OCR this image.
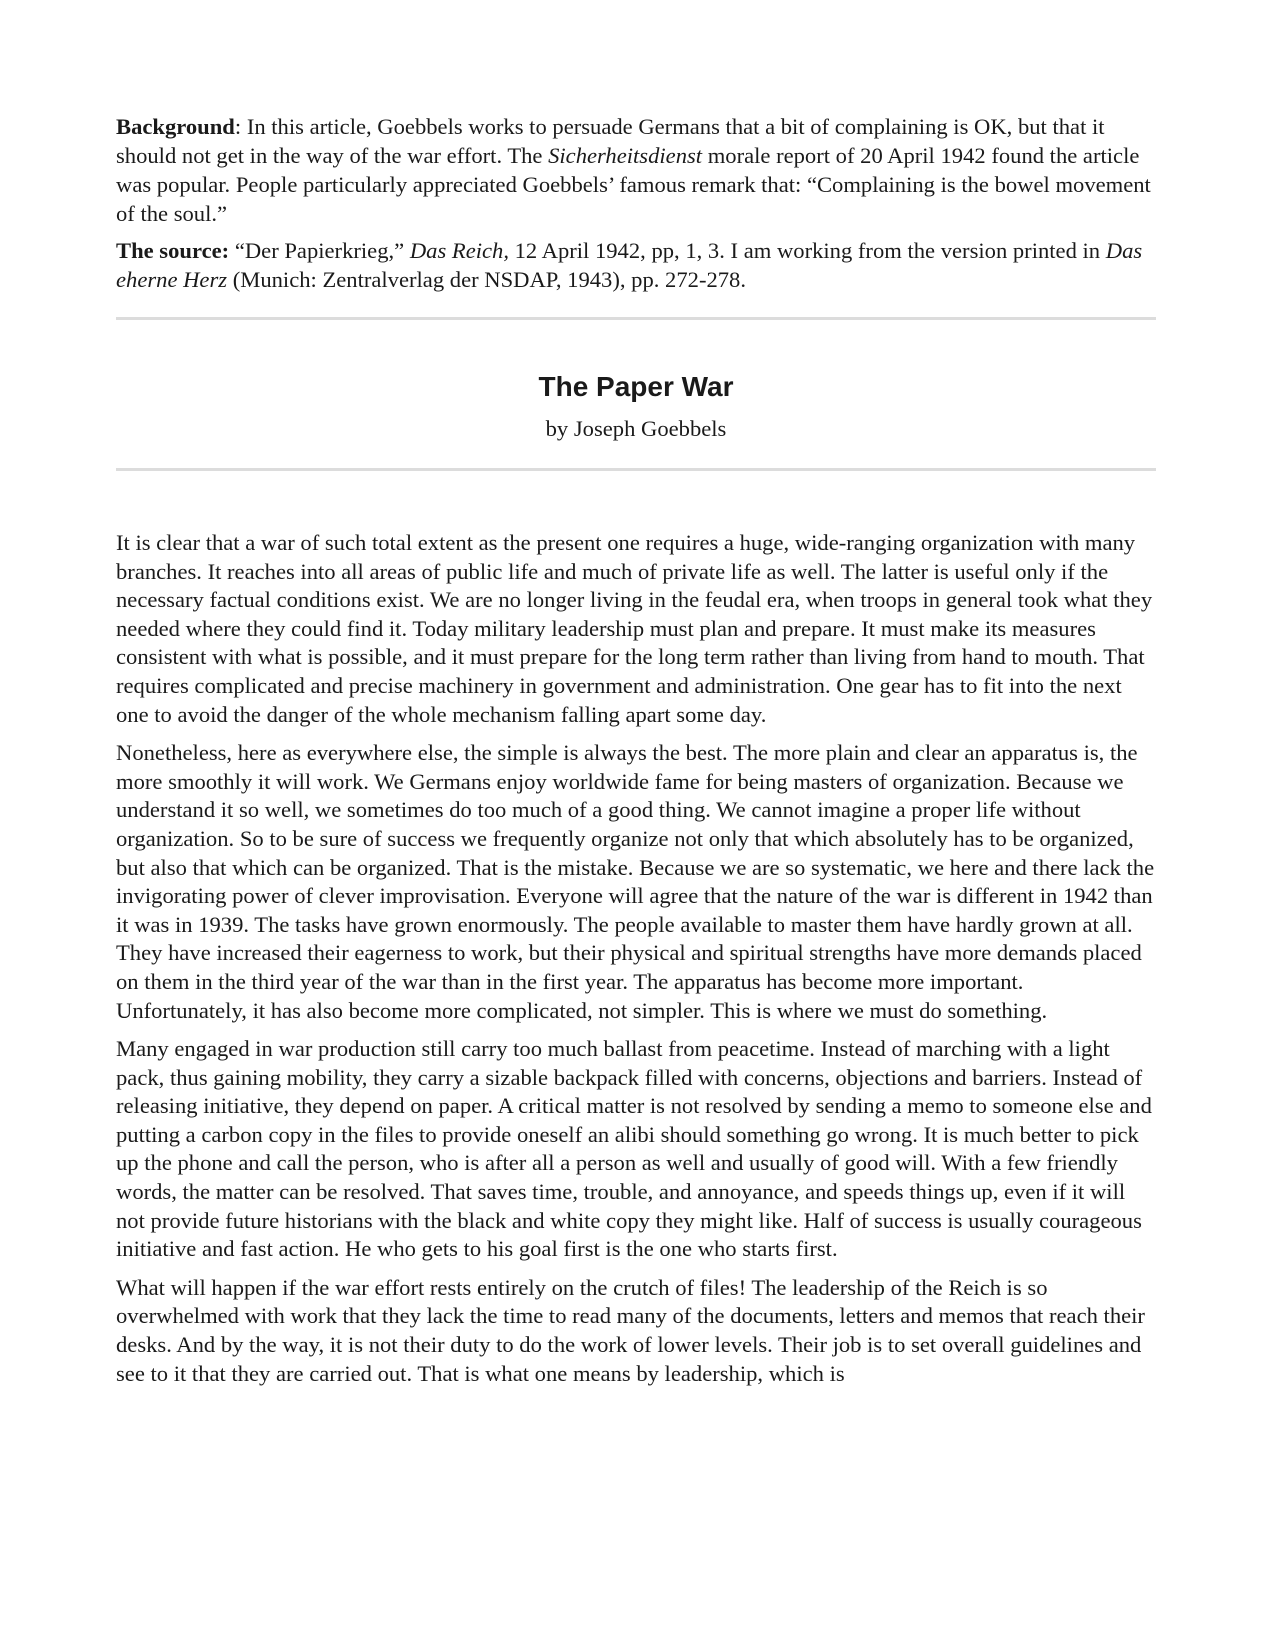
Background: In this article, Goebbels works to persuade Germans that a bit of complaining is OK, but that it should not get in the way of the war effort. The Sicherheitsdienst morale report of 20 April 1942 found the article was popular. People particularly appreciated Goebbels’ famous remark that: “Complaining is the bowel movement of the soul.”

The source: “Der Papierkrieg,” Das Reich, 12 April 1942, pp, 1, 3. I am working from the version printed in Das eherne Herz (Munich: Zentralverlag der NSDAP, 1943), pp. 272-278.

The Paper War
by Joseph Goebbels

It is clear that a war of such total extent as the present one requires a huge, wide-ranging organization with many branches. It reaches into all areas of public life and much of private life as well. The latter is useful only if the necessary factual conditions exist. We are no longer living in the feudal era, when troops in general took what they needed where they could find it. Today military leadership must plan and prepare. It must make its measures consistent with what is possible, and it must prepare for the long term rather than living from hand to mouth. That requires complicated and precise machinery in government and administration. One gear has to fit into the next one to avoid the danger of the whole mechanism falling apart some day.

Nonetheless, here as everywhere else, the simple is always the best. The more plain and clear an apparatus is, the more smoothly it will work. We Germans enjoy worldwide fame for being masters of organization. Because we understand it so well, we sometimes do too much of a good thing. We cannot imagine a proper life without organization. So to be sure of success we frequently organize not only that which absolutely has to be organized, but also that which can be organized. That is the mistake. Because we are so systematic, we here and there lack the invigorating power of clever improvisation. Everyone will agree that the nature of the war is different in 1942 than it was in 1939. The tasks have grown enormously. The people available to master them have hardly grown at all. They have increased their eagerness to work, but their physical and spiritual strengths have more demands placed on them in the third year of the war than in the first year. The apparatus has become more important. Unfortunately, it has also become more complicated, not simpler. This is where we must do something.

Many engaged in war production still carry too much ballast from peacetime. Instead of marching with a light pack, thus gaining mobility, they carry a sizable backpack filled with concerns, objections and barriers. Instead of releasing initiative, they depend on paper. A critical matter is not resolved by sending a memo to someone else and putting a carbon copy in the files to provide oneself an alibi should something go wrong. It is much better to pick up the phone and call the person, who is after all a person as well and usually of good will. With a few friendly words, the matter can be resolved. That saves time, trouble, and annoyance, and speeds things up, even if it will not provide future historians with the black and white copy they might like. Half of success is usually courageous initiative and fast action. He who gets to his goal first is the one who starts first.

What will happen if the war effort rests entirely on the crutch of files! The leadership of the Reich is so overwhelmed with work that they lack the time to read many of the documents, letters and memos that reach their desks. And by the way, it is not their duty to do the work of lower levels. Their job is to set overall guidelines and see to it that they are carried out. That is what one means by leadership, which is
